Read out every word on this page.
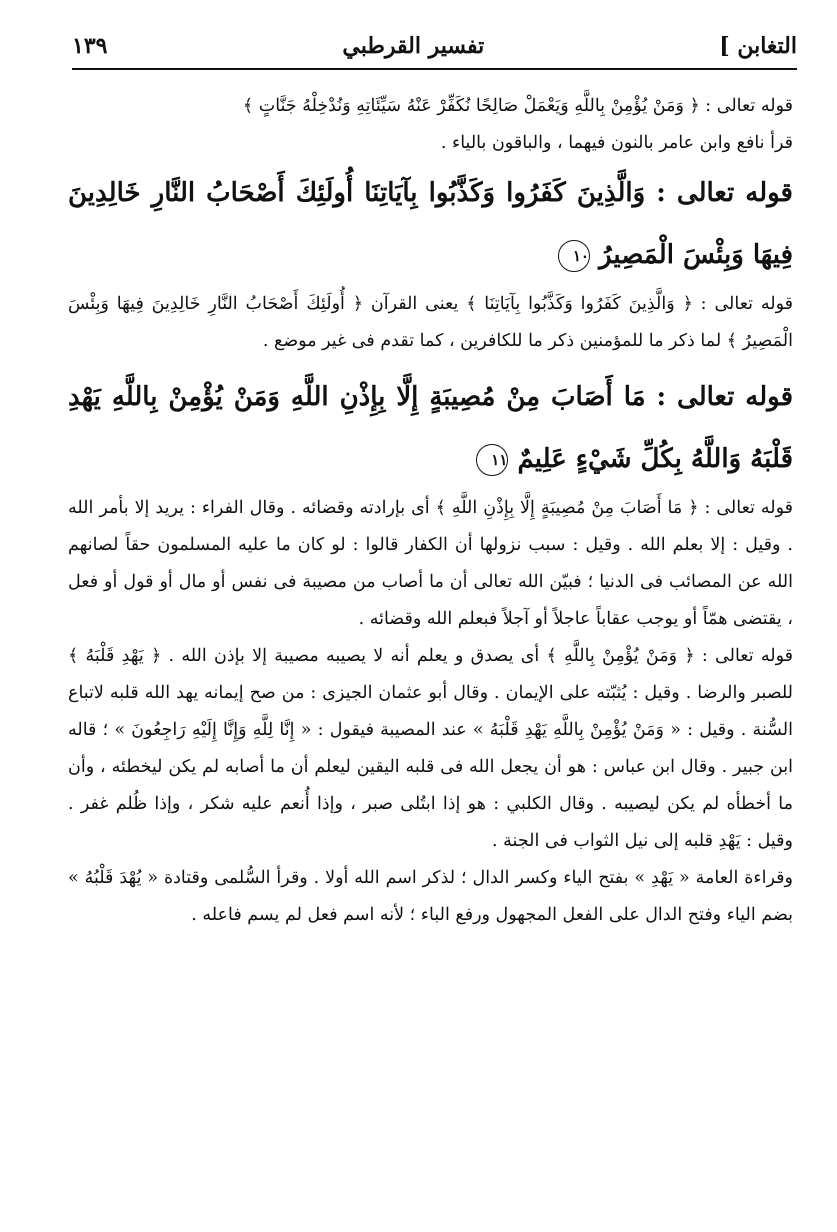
التغابن ]
تفسير القرطبي
١٣٩

قوله تعالى : ﴿ وَمَنْ يُؤْمِنْ بِاللَّهِ وَيَعْمَلْ صَالِحًا نُكَفِّرْ عَنْهُ سَيِّئَاتِهِ وَنُدْخِلْهُ جَنَّاتٍ ﴾

قرأ نافع وابن عامر بالنون فيهما ، والباقون بالياء .

قوله تعالى : وَالَّذِينَ كَفَرُوا وَكَذَّبُوا بِآيَاتِنَا أُولَئِكَ أَصْحَابُ النَّارِ خَالِدِينَ فِيهَا وَبِئْسَ الْمَصِيرُ ١٠

قوله تعالى : ﴿ وَالَّذِينَ كَفَرُوا وَكَذَّبُوا بِآيَاتِنَا ﴾ يعنى القرآن ﴿ أُولَئِكَ أَصْحَابُ النَّارِ خَالِدِينَ فِيهَا وَبِئْسَ الْمَصِيرُ ﴾ لما ذكر ما للمؤمنين ذكر ما للكافرين ، كما تقدم فى غير موضع .

قوله تعالى : مَا أَصَابَ مِنْ مُصِيبَةٍ إِلَّا بِإِذْنِ اللَّهِ وَمَنْ يُؤْمِنْ بِاللَّهِ يَهْدِ قَلْبَهُ وَاللَّهُ بِكُلِّ شَيْءٍ عَلِيمٌ ١١

قوله تعالى : ﴿ مَا أَصَابَ مِنْ مُصِيبَةٍ إِلَّا بِإِذْنِ اللَّهِ ﴾ أى بإرادته وقضائه . وقال الفراء : يريد إلا بأمر الله . وقيل : إلا بعلم الله . وقيل : سبب نزولها أن الكفار قالوا : لو كان ما عليه المسلمون حقاً لصانهم الله عن المصائب فى الدنيا ؛ فبيّن الله تعالى أن ما أصاب من مصيبة فى نفس أو مال أو قول أو فعل ، يقتضى همّاً أو يوجب عقاباً عاجلاً أو آجلاً فبعلم الله وقضائه .

قوله تعالى : ﴿ وَمَنْ يُؤْمِنْ بِاللَّهِ ﴾ أى يصدق و يعلم أنه لا يصيبه مصيبة إلا بإذن الله . ﴿ يَهْدِ قَلْبَهُ ﴾ للصبر والرضا . وقيل : يُثبّته على الإيمان . وقال أبو عثمان الجيزى : من صح إيمانه يهد الله قلبه لاتباع السُّنة . وقيل : « وَمَنْ يُؤْمِنْ بِاللَّهِ يَهْدِ قَلْبَهُ » عند المصيبة فيقول : « إِنَّا لِلَّهِ وَإِنَّا إِلَيْهِ رَاجِعُونَ » ؛ قاله ابن جبير . وقال ابن عباس : هو أن يجعل الله فى قلبه اليقين ليعلم أن ما أصابه لم يكن ليخطئه ، وأن ما أخطأه لم يكن ليصيبه . وقال الكلبي : هو إذا ابتُلى صبر ، وإذا أُنعم عليه شكر ، وإذا ظُلم غفر . وقيل : يَهْدِ قلبه إلى نيل الثواب فى الجنة .

وقراءة العامة « يَهْدِ » بفتح الياء وكسر الدال ؛ لذكر اسم الله أولا . وقرأ السُّلمى وقتادة « يُهْدَ قَلْبُهُ » بضم الياء وفتح الدال على الفعل المجهول ورفع الباء ؛ لأنه اسم فعل لم يسم فاعله .
